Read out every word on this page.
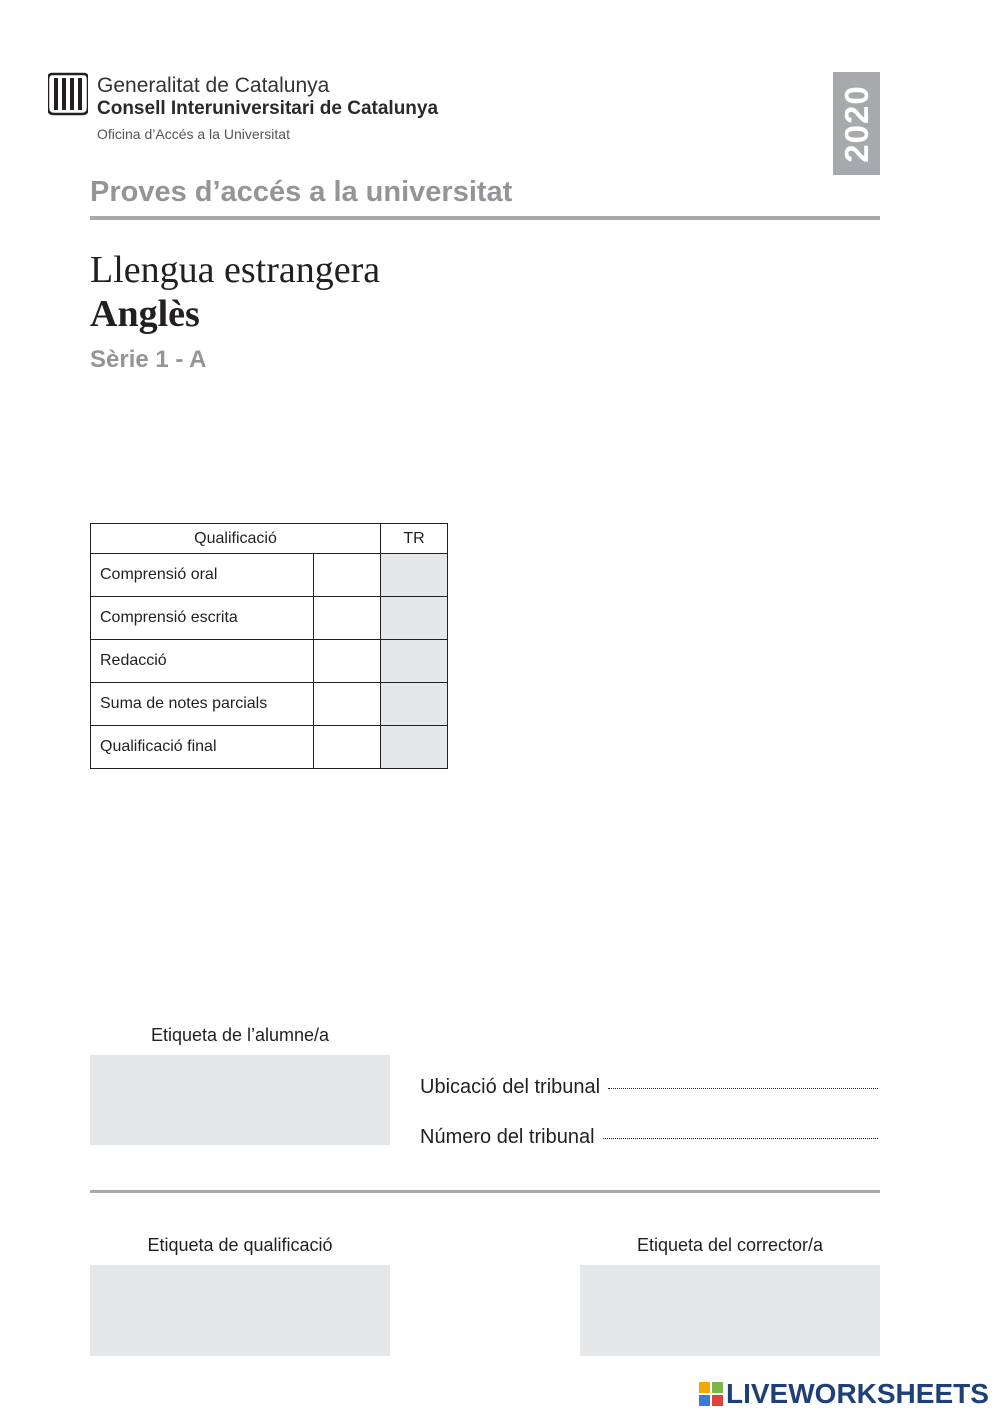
Generalitat de Catalunya
Consell Interuniversitari de Catalunya
Oficina d’Accés a la Universitat	2020
Proves d’accés a la universitat
Llengua estrangera
Anglès
Sèrie 1 - A
Qualificació		TR
Comprensió oral		
Comprensió escrita		
Redacció		
Suma de notes parcials		
Qualificació final		
Etiqueta de l’alumne/a
Ubicació del tribunal
Número del tribunal
Etiqueta de qualificació	Etiqueta del corrector/a
LIVEWORKSHEETS
